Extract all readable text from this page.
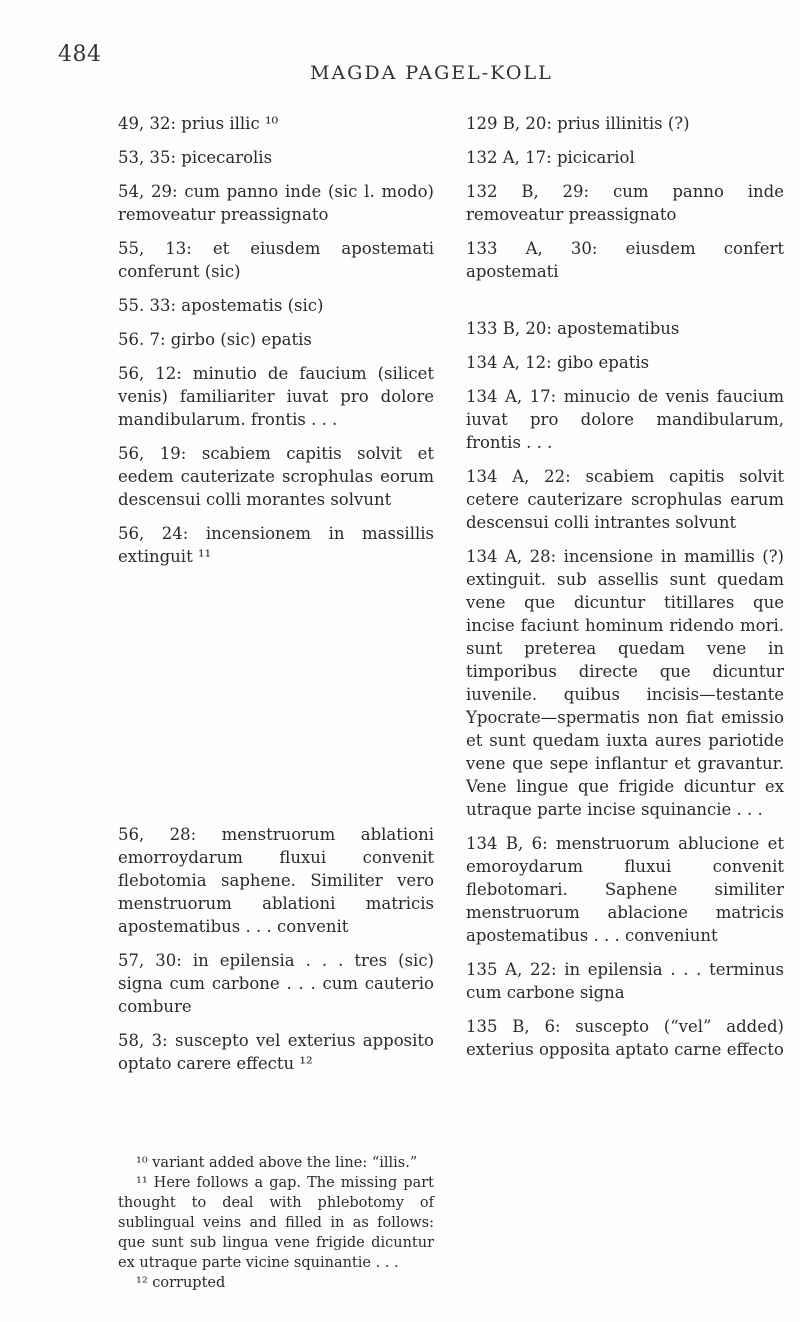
484
MAGDA PAGEL-KOLL

49, 32: prius illic ¹⁰

53, 35: picecarolis

54, 29: cum panno inde (sic l. modo) removeatur preassignato

55, 13: et eiusdem apostemati conferunt (sic)

55. 33: apostematis (sic)

56. 7: girbo (sic) epatis

56, 12: minutio de faucium (silicet venis) familiariter iuvat pro dolore mandibularum. frontis . . .

56, 19: scabiem capitis solvit et eedem cauterizate scrophulas eorum descensui colli morantes solvunt

56, 24: incensionem in massillis extinguit ¹¹

56, 28: menstruorum ablationi emorroydarum fluxui convenit flebotomia saphene. Similiter vero menstruorum ablationi matricis apostematibus . . . convenit

57, 30: in epilensia . . . tres (sic) signa cum carbone . . . cum cauterio combure

58, 3: suscepto vel exterius apposito optato carere effectu ¹²

129 B, 20: prius illinitis (?)

132 A, 17: picicariol

132 B, 29: cum panno inde removeatur preassignato

133 A, 30: eiusdem confert apostemati

133 B, 20: apostematibus

134 A, 12: gibo epatis

134 A, 17: minucio de venis faucium iuvat pro dolore mandibularum, frontis . . .

134 A, 22: scabiem capitis solvit cetere cauterizare scrophulas earum descensui colli intrantes solvunt

134 A, 28: incensione in mamillis (?) extinguit. sub assellis sunt quedam vene que dicuntur titillares que incise faciunt hominum ridendo mori. sunt preterea quedam vene in timporibus directe que dicuntur iuvenile. quibus incisis—testante Ypocrate—spermatis non fiat emissio et sunt quedam iuxta aures pariotide vene que sepe inflantur et gravantur. Vene lingue que frigide dicuntur ex utraque parte incise squinancie . . .

134 B, 6: menstruorum ablucione et emoroydarum fluxui convenit flebotomari. Saphene similiter menstruorum ablacione matricis apostematibus . . . conveniunt

135 A, 22: in epilensia . . . terminus cum carbone signa

135 B, 6: suscepto (“vel” added) exterius opposita aptato carne effecto

¹⁰ variant added above the line: “illis.”

¹¹ Here follows a gap. The missing part thought to deal with phlebotomy of sublingual veins and filled in as follows: que sunt sub lingua vene frigide dicuntur ex utraque parte vicine squinantie . . .

¹² corrupted
